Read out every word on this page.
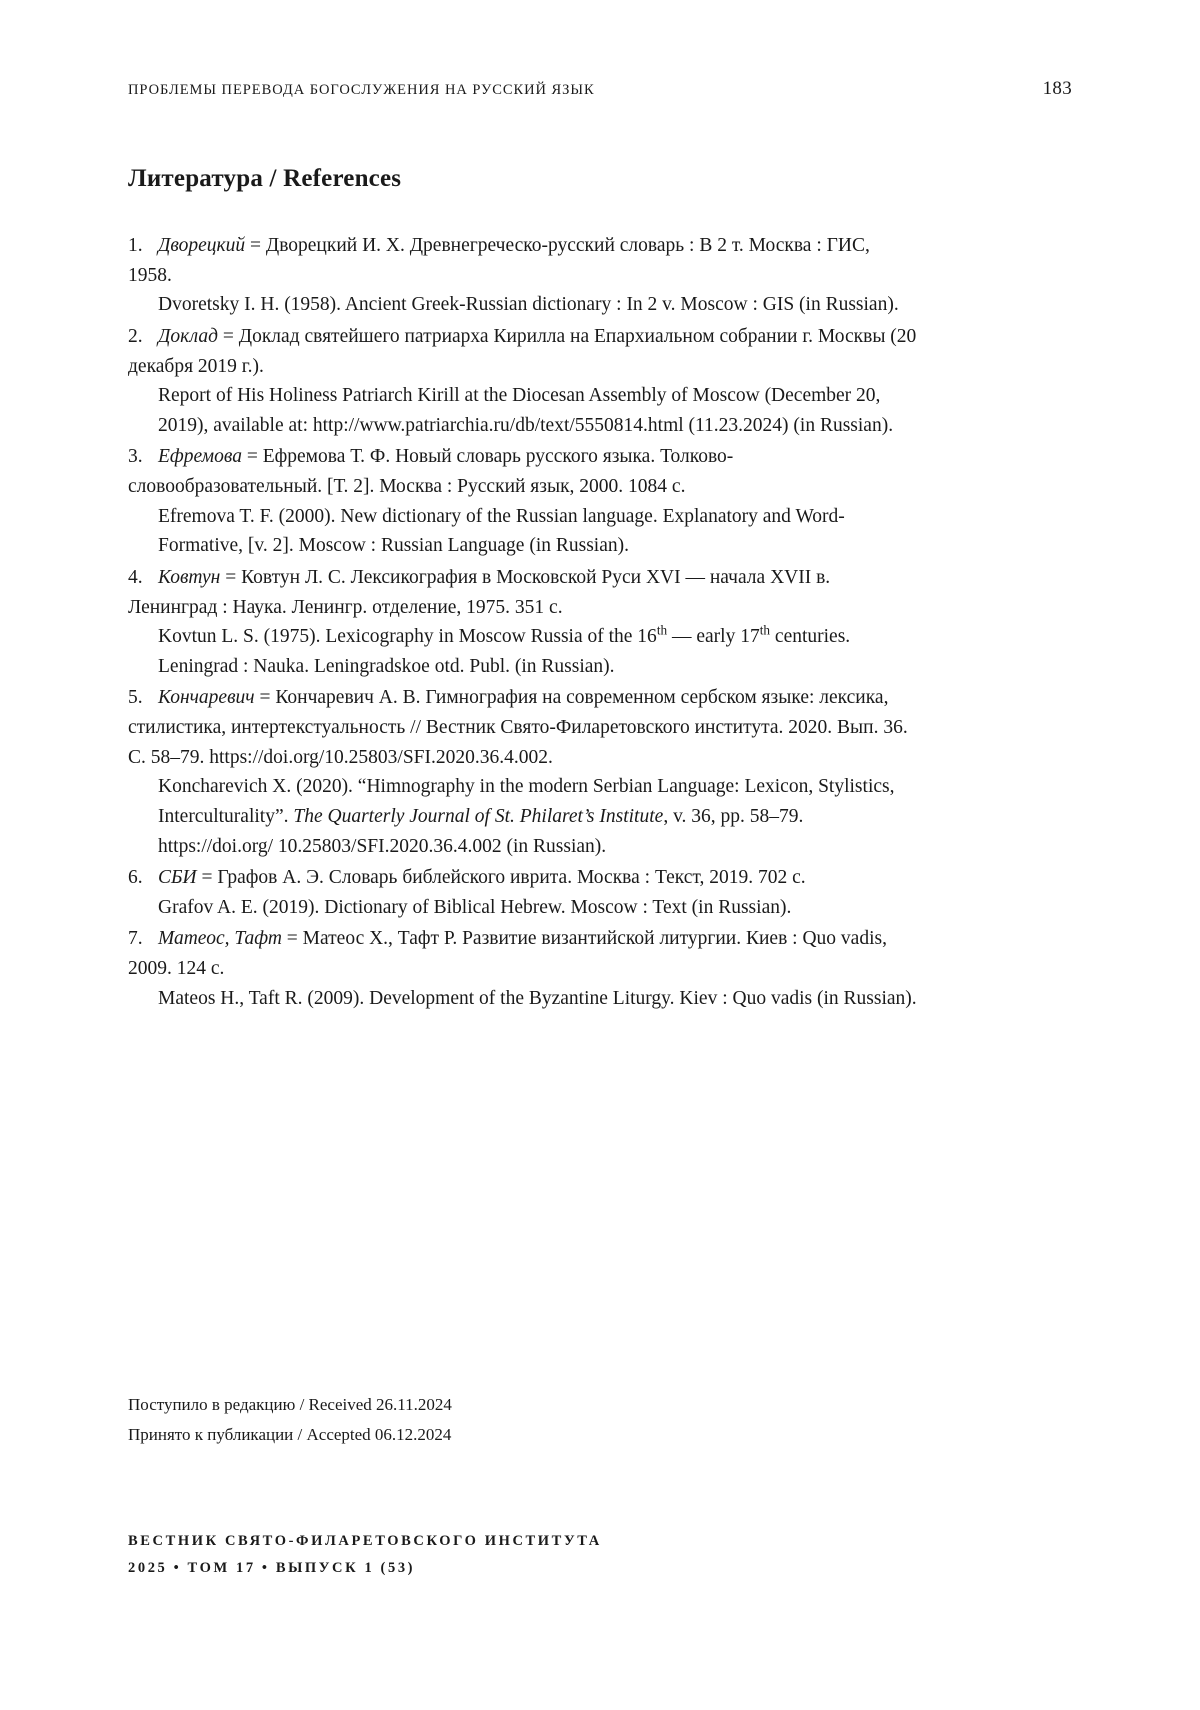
ПРОБЛЕМЫ ПЕРЕВОДА БОГОСЛУЖЕНИЯ НА РУССКИЙ ЯЗЫК	183
Литература / References

1. Дворецкий = Дворецкий И. Х. Древнегреческо-русский словарь : В 2 т. Москва : ГИС, 1958.

Dvoretsky I. H. (1958). Ancient Greek-Russian dictionary : In 2 v. Moscow : GIS (in Russian).

2. Доклад = Доклад святейшего патриарха Кирилла на Епархиальном собрании г. Москвы (20 декабря 2019 г.).

Report of His Holiness Patriarch Kirill at the Diocesan Assembly of Moscow (December 20, 2019), available at: http://www.patriarchia.ru/db/text/5550814.html (11.23.2024) (in Russian).

3. Ефремова = Ефремова Т. Ф. Новый словарь русского языка. Толково-словообразовательный. [Т. 2]. Москва : Русский язык, 2000. 1084 с.

Efremova T. F. (2000). New dictionary of the Russian language. Explanatory and Word-Formative, [v. 2]. Moscow : Russian Language (in Russian).

4. Ковтун = Ковтун Л. С. Лексикография в Московской Руси XVI — начала XVII в. Ленинград : Наука. Ленингр. отделение, 1975. 351 с.

Kovtun L. S. (1975). Lexicography in Moscow Russia of the 16th — early 17th centuries. Leningrad : Nauka. Leningradskoe otd. Publ. (in Russian).

5. Кончаревич = Кончаревич А. В. Гимнография на современном сербском языке: лексика, стилистика, интертекстуальность // Вестник Свято-Филаретовского института. 2020. Вып. 36. С. 58–79. https://doi.org/10.25803/SFI.2020.36.4.002.

Koncharevich X. (2020). “Himnography in the modern Serbian Language: Lexicon, Stylistics, Interculturality”. The Quarterly Journal of St. Philaret’s Institute, v. 36, pp. 58–79. https://doi.org/ 10.25803/SFI.2020.36.4.002 (in Russian).

6. СБИ = Графов А. Э. Словарь библейского иврита. Москва : Текст, 2019. 702 с.

Grafov A. E. (2019). Dictionary of Biblical Hebrew. Moscow : Text (in Russian).

7. Матеос, Тафт = Матеос Х., Тафт Р. Развитие византийской литургии. Киев : Quo vadis, 2009. 124 с.

Mateos H., Taft R. (2009). Development of the Byzantine Liturgy. Kiev : Quo vadis (in Russian).

Поступило в редакцию / Received 26.11.2024
Принято к публикации / Accepted 06.12.2024
ВЕСТНИК СВЯТО-ФИЛАРЕТОВСКОГО ИНСТИТУТА
2025 • ТОМ 17 • ВЫПУСК 1 (53)
